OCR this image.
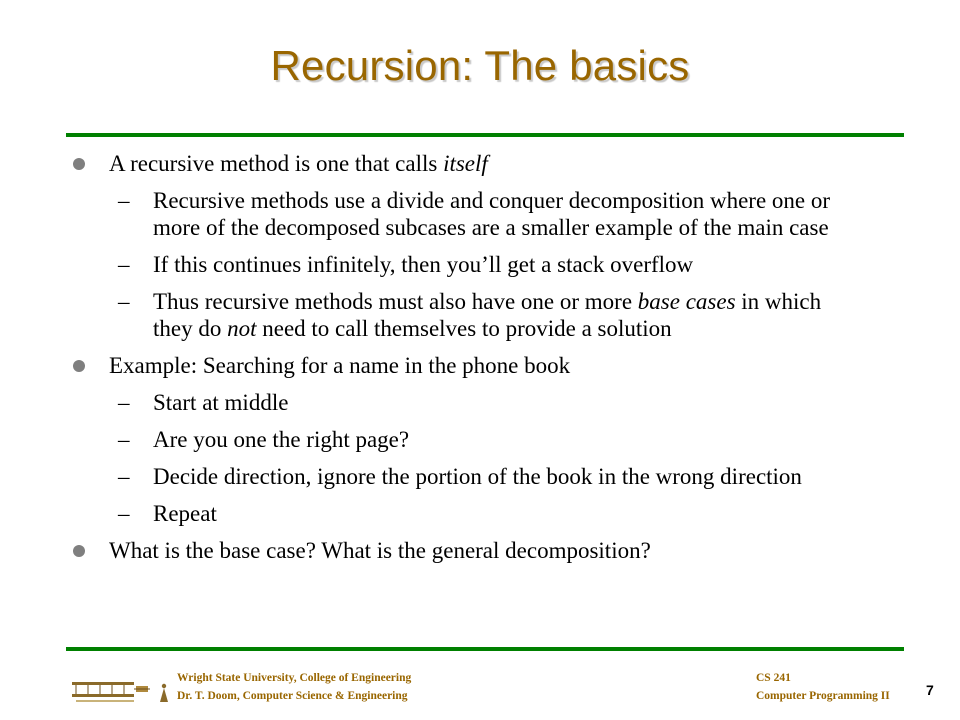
Recursion: The basics
A recursive method is one that calls itself
– Recursive methods use a divide and conquer decomposition where one or more of the decomposed subcases are a smaller example of the main case
– If this continues infinitely, then you’ll get a stack overflow
– Thus recursive methods must also have one or more base cases in which they do not need to call themselves to provide a solution
Example: Searching for a name in the phone book
– Start at middle
– Are you one the right page?
– Decide direction, ignore the portion of the book in the wrong direction
– Repeat
What is the base case? What is the general decomposition?
Wright State University, College of Engineering
Dr. T. Doom, Computer Science & Engineering
CS 241
Computer Programming II	7
